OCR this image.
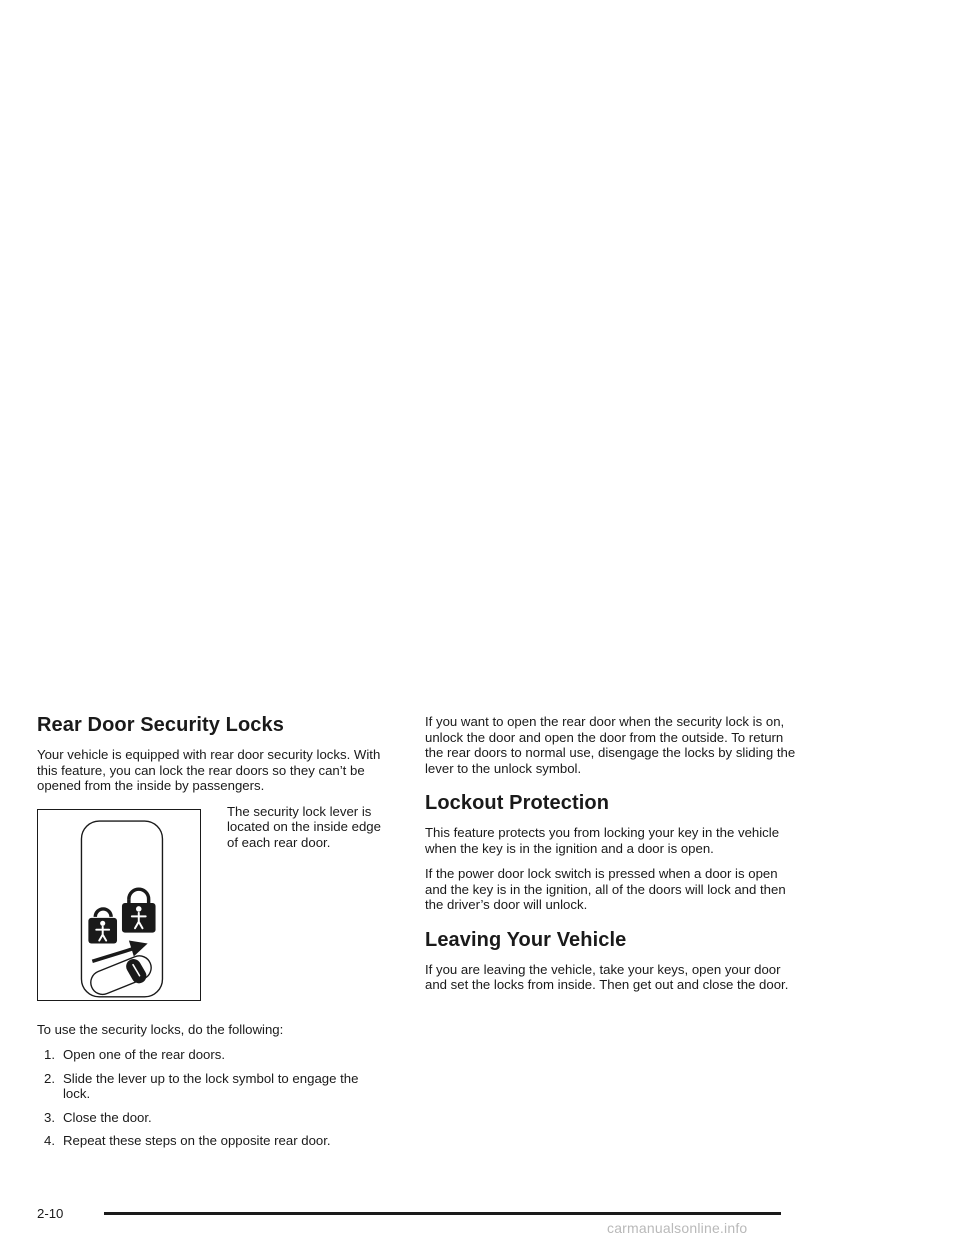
Rear Door Security Locks

Your vehicle is equipped with rear door security locks. With this feature, you can lock the rear doors so they can’t be opened from the inside by passengers.

The security lock lever is located on the inside edge of each rear door.

To use the security locks, do the following:

1. Open one of the rear doors.
2. Slide the lever up to the lock symbol to engage the lock.
3. Close the door.
4. Repeat these steps on the opposite rear door.

If you want to open the rear door when the security lock is on, unlock the door and open the door from the outside. To return the rear doors to normal use, disengage the locks by sliding the lever to the unlock symbol.

Lockout Protection

This feature protects you from locking your key in the vehicle when the key is in the ignition and a door is open.

If the power door lock switch is pressed when a door is open and the key is in the ignition, all of the doors will lock and then the driver’s door will unlock.

Leaving Your Vehicle

If you are leaving the vehicle, take your keys, open your door and set the locks from inside. Then get out and close the door.

2-10
carmanualsonline.info
